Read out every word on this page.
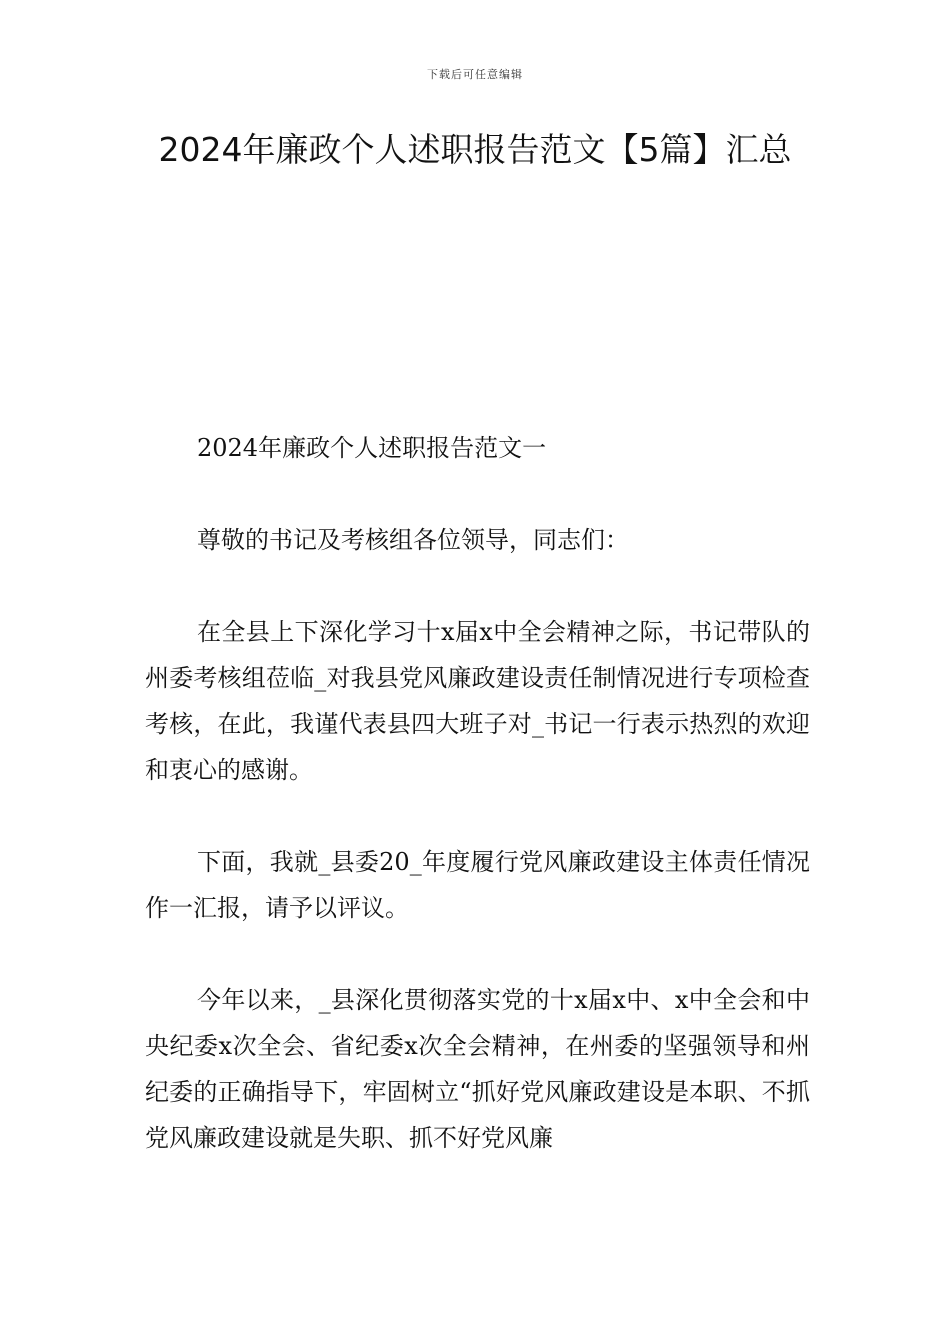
下载后可任意编辑
2024年廉政个人述职报告范文【5篇】汇总

2024年廉政个人述职报告范文一

尊敬的书记及考核组各位领导，同志们：

在全县上下深化学习十x届x中全会精神之际，书记带队的州委考核组莅临_对我县党风廉政建设责任制情况进行专项检查考核，在此，我谨代表县四大班子对_书记一行表示热烈的欢迎和衷心的感谢。

下面，我就_县委20_年度履行党风廉政建设主体责任情况作一汇报，请予以评议。

今年以来，_县深化贯彻落实党的十x届x中、x中全会和中央纪委x次全会、省纪委x次全会精神，在州委的坚强领导和州纪委的正确指导下，牢固树立“抓好党风廉政建设是本职、不抓党风廉政建设就是失职、抓不好党风廉
